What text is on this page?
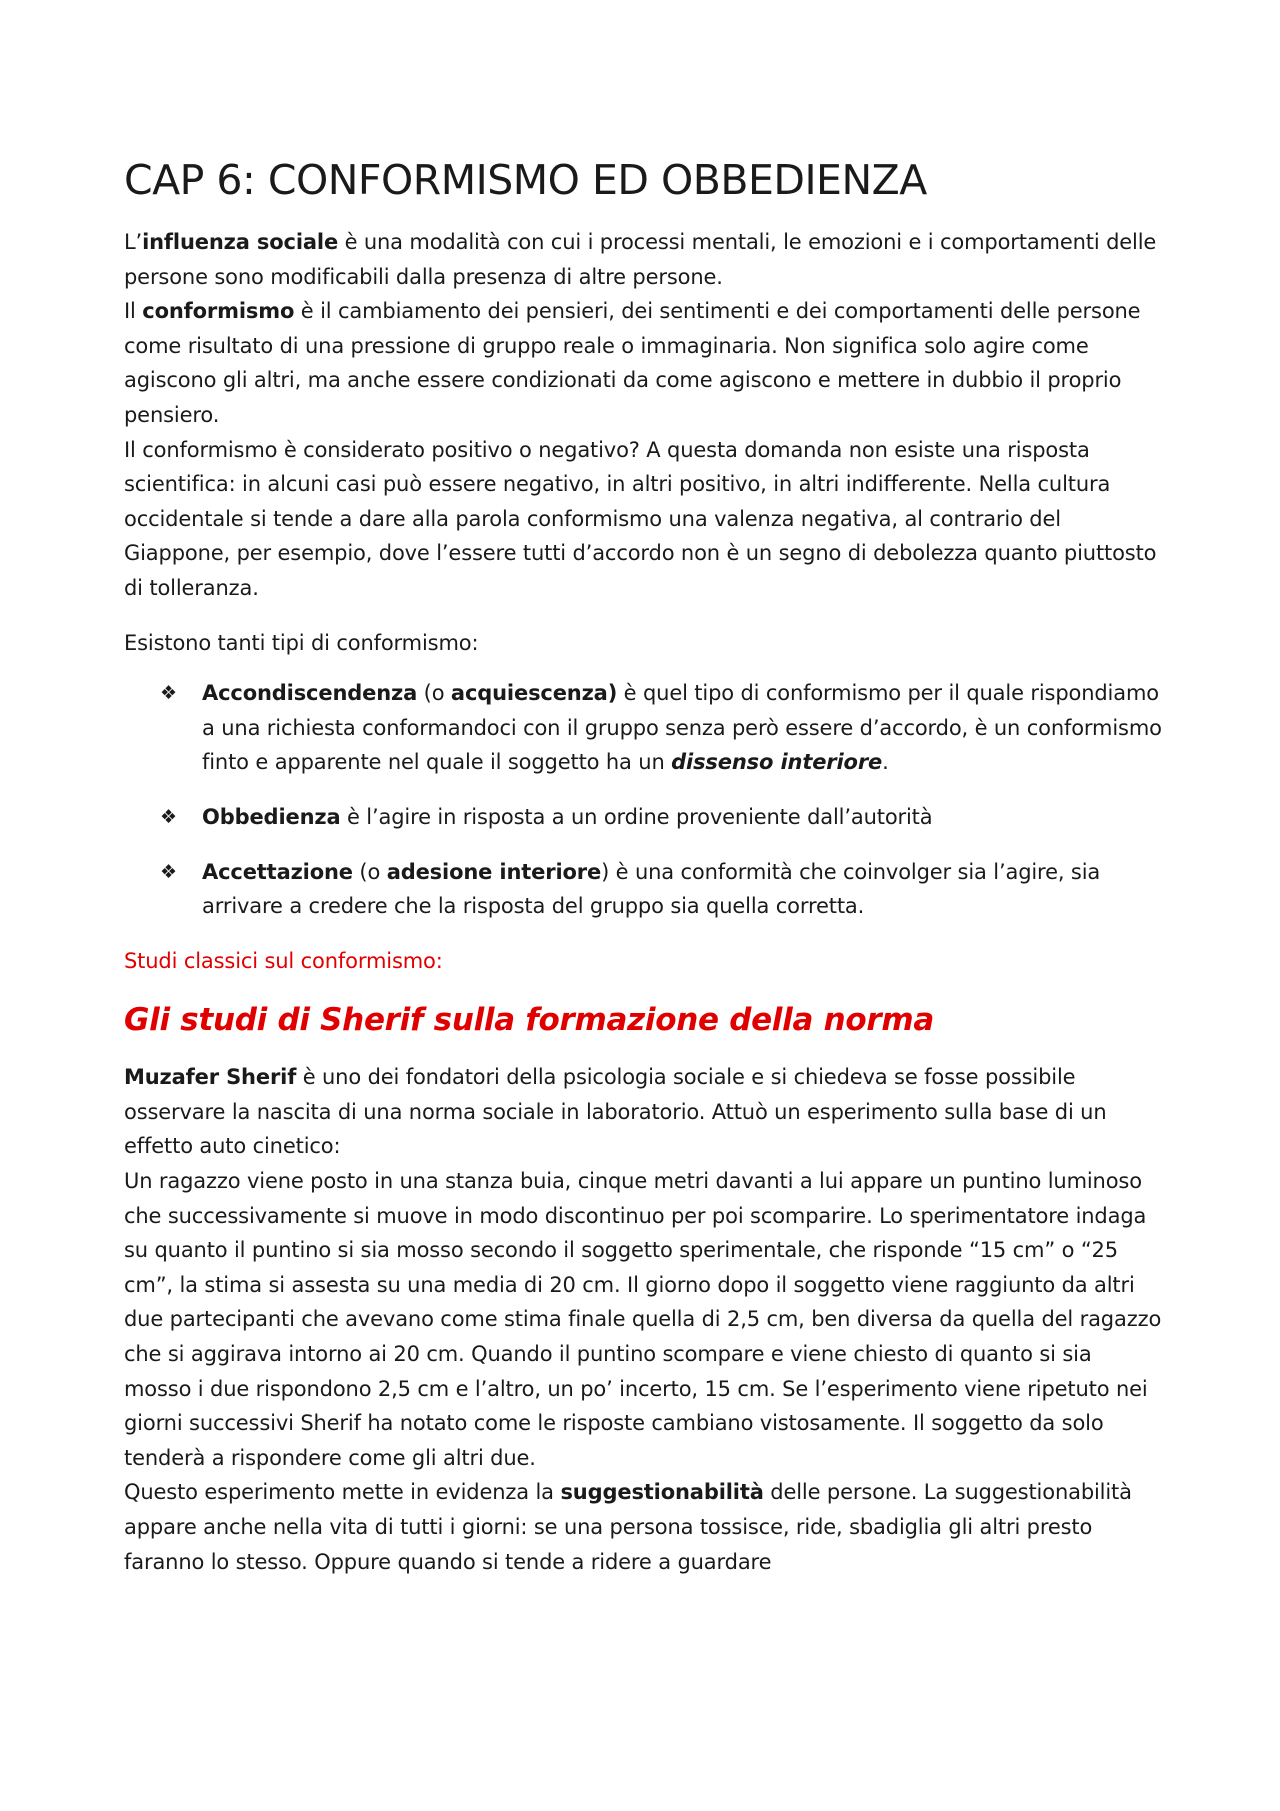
CAP 6: CONFORMISMO ED OBBEDIENZA

L’influenza sociale è una modalità con cui i processi mentali, le emozioni e i comportamenti delle persone sono modificabili dalla presenza di altre persone.

Il conformismo è il cambiamento dei pensieri, dei sentimenti e dei comportamenti delle persone come risultato di una pressione di gruppo reale o immaginaria. Non significa solo agire come agiscono gli altri, ma anche essere condizionati da come agiscono e mettere in dubbio il proprio pensiero.

Il conformismo è considerato positivo o negativo? A questa domanda non esiste una risposta scientifica: in alcuni casi può essere negativo, in altri positivo, in altri indifferente. Nella cultura occidentale si tende a dare alla parola conformismo una valenza negativa, al contrario del Giappone, per esempio, dove l’essere tutti d’accordo non è un segno di debolezza quanto piuttosto di tolleranza.

Esistono tanti tipi di conformismo:

❖ Accondiscendenza (o acquiescenza) è quel tipo di conformismo per il quale rispondiamo a una richiesta conformandoci con il gruppo senza però essere d’accordo, è un conformismo finto e apparente nel quale il soggetto ha un dissenso interiore.
❖ Obbedienza è l’agire in risposta a un ordine proveniente dall’autorità
❖ Accettazione (o adesione interiore) è una conformità che coinvolger sia l’agire, sia arrivare a credere che la risposta del gruppo sia quella corretta.

Studi classici sul conformismo:

Gli studi di Sherif sulla formazione della norma

Muzafer Sherif è uno dei fondatori della psicologia sociale e si chiedeva se fosse possibile osservare la nascita di una norma sociale in laboratorio. Attuò un esperimento sulla base di un effetto auto cinetico:

Un ragazzo viene posto in una stanza buia, cinque metri davanti a lui appare un puntino luminoso che successivamente si muove in modo discontinuo per poi scomparire. Lo sperimentatore indaga su quanto il puntino si sia mosso secondo il soggetto sperimentale, che risponde “15 cm” o “25 cm”, la stima si assesta su una media di 20 cm. Il giorno dopo il soggetto viene raggiunto da altri due partecipanti che avevano come stima finale quella di 2,5 cm, ben diversa da quella del ragazzo che si aggirava intorno ai 20 cm. Quando il puntino scompare e viene chiesto di quanto si sia mosso i due rispondono 2,5 cm e l’altro, un po’ incerto, 15 cm. Se l’esperimento viene ripetuto nei giorni successivi Sherif ha notato come le risposte cambiano vistosamente. Il soggetto da solo tenderà a rispondere come gli altri due.

Questo esperimento mette in evidenza la suggestionabilità delle persone. La suggestionabilità appare anche nella vita di tutti i giorni: se una persona tossisce, ride, sbadiglia gli altri presto faranno lo stesso. Oppure quando si tende a ridere a guardare
